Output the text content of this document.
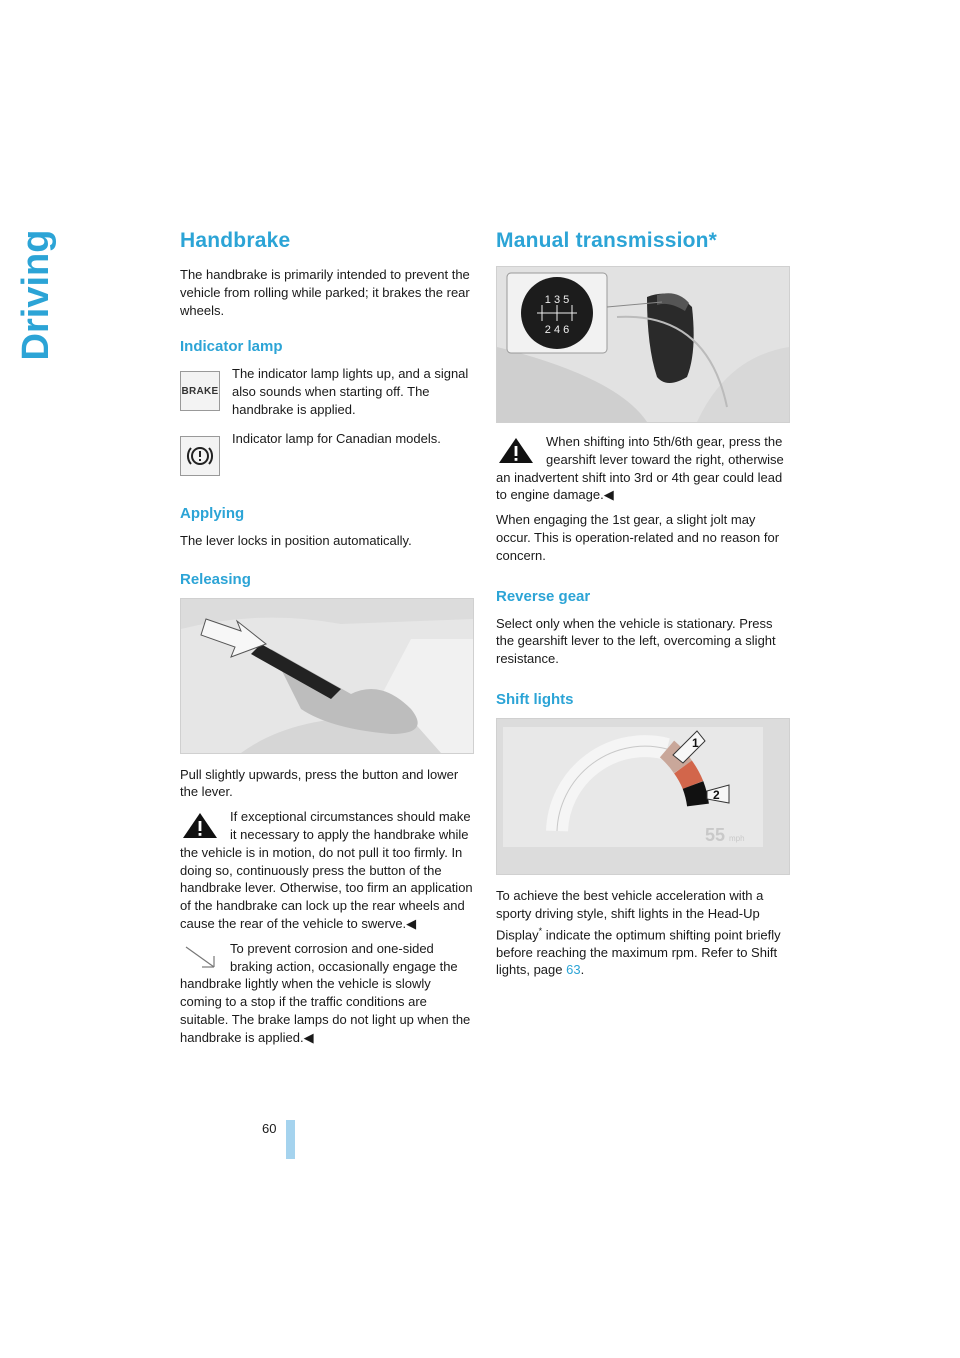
Driving	Handbrake

The handbrake is primarily intended to prevent the vehicle from rolling while parked; it brakes the rear wheels.

Indicator lamp
BRAKE

The indicator lamp lights up, and a signal also sounds when starting off. The handbrake is applied.

Indicator lamp for Canadian models.

Applying

The lever locks in position automatically.

Releasing

Pull slightly upwards, press the button and lower the lever.

If exceptional circumstances should make it necessary to apply the handbrake while the vehicle is in motion, do not pull it too firmly. In doing so, continuously press the button of the handbrake lever. Otherwise, too firm an application of the handbrake can lock up the rear wheels and cause the rear of the vehicle to swerve.◀

To prevent corrosion and one-sided braking action, occasionally engage the handbrake lightly when the vehicle is slowly coming to a stop if the traffic conditions are suitable. The brake lamps do not light up when the handbrake is applied.◀

Manual transmission*
1 3 5
2 4 6

When shifting into 5th/6th gear, press the gearshift lever toward the right, otherwise an inadvertent shift into 3rd or 4th gear could lead to engine damage.◀

When engaging the 1st gear, a slight jolt may occur. This is operation-related and no reason for concern.

Reverse gear

Select only when the vehicle is stationary. Press the gearshift lever to the left, overcoming a slight resistance.

Shift lights
1
2
55 mph

To achieve the best vehicle acceleration with a sporty driving style, shift lights in the Head-Up Display* indicate the optimum shifting point briefly before reaching the maximum rpm. Refer to Shift lights, page 63.

60
